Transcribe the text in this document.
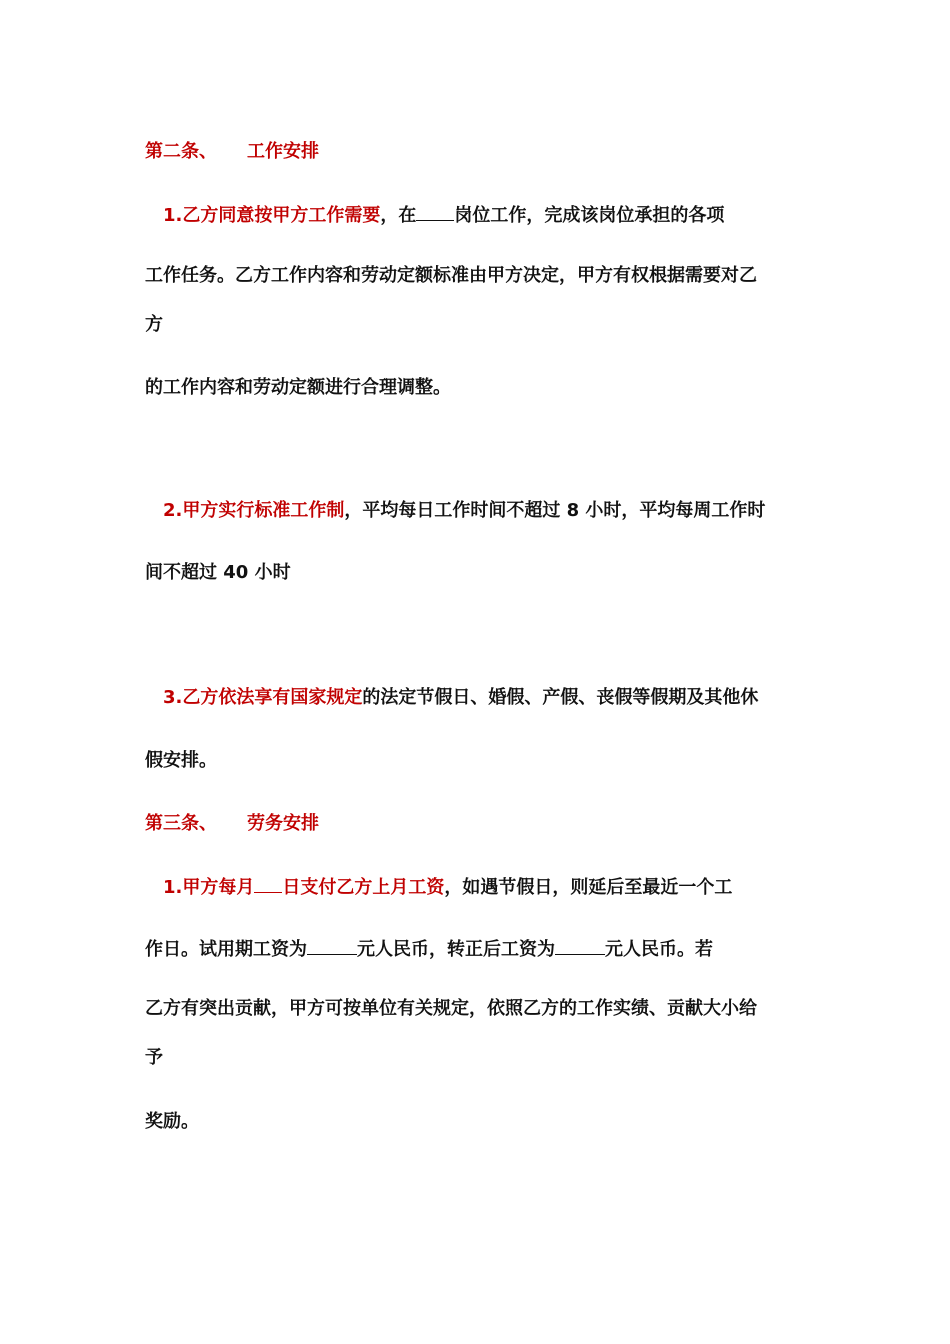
第二条、 工作安排
1.乙方同意按甲方工作需要，在 岗位工作，完成该岗位承担的各项
工作任务。乙方工作内容和劳动定额标准由甲方决定，甲方有权根据需要对乙
方
的工作内容和劳动定额进行合理调整。
2.甲方实行标准工作制，平均每日工作时间不超过 8 小时，平均每周工作时
间不超过 40 小时
3.乙方依法享有国家规定的法定节假日、婚假、产假、丧假等假期及其他休
假安排。
第三条、 劳务安排
1.甲方每月 日支付乙方上月工资，如遇节假日，则延后至最近一个工
作日。试用期工资为	元人民币，转正后工资为	元人民币。若
乙方有突出贡献，甲方可按单位有关规定，依照乙方的工作实绩、贡献大小给
予
奖励。
